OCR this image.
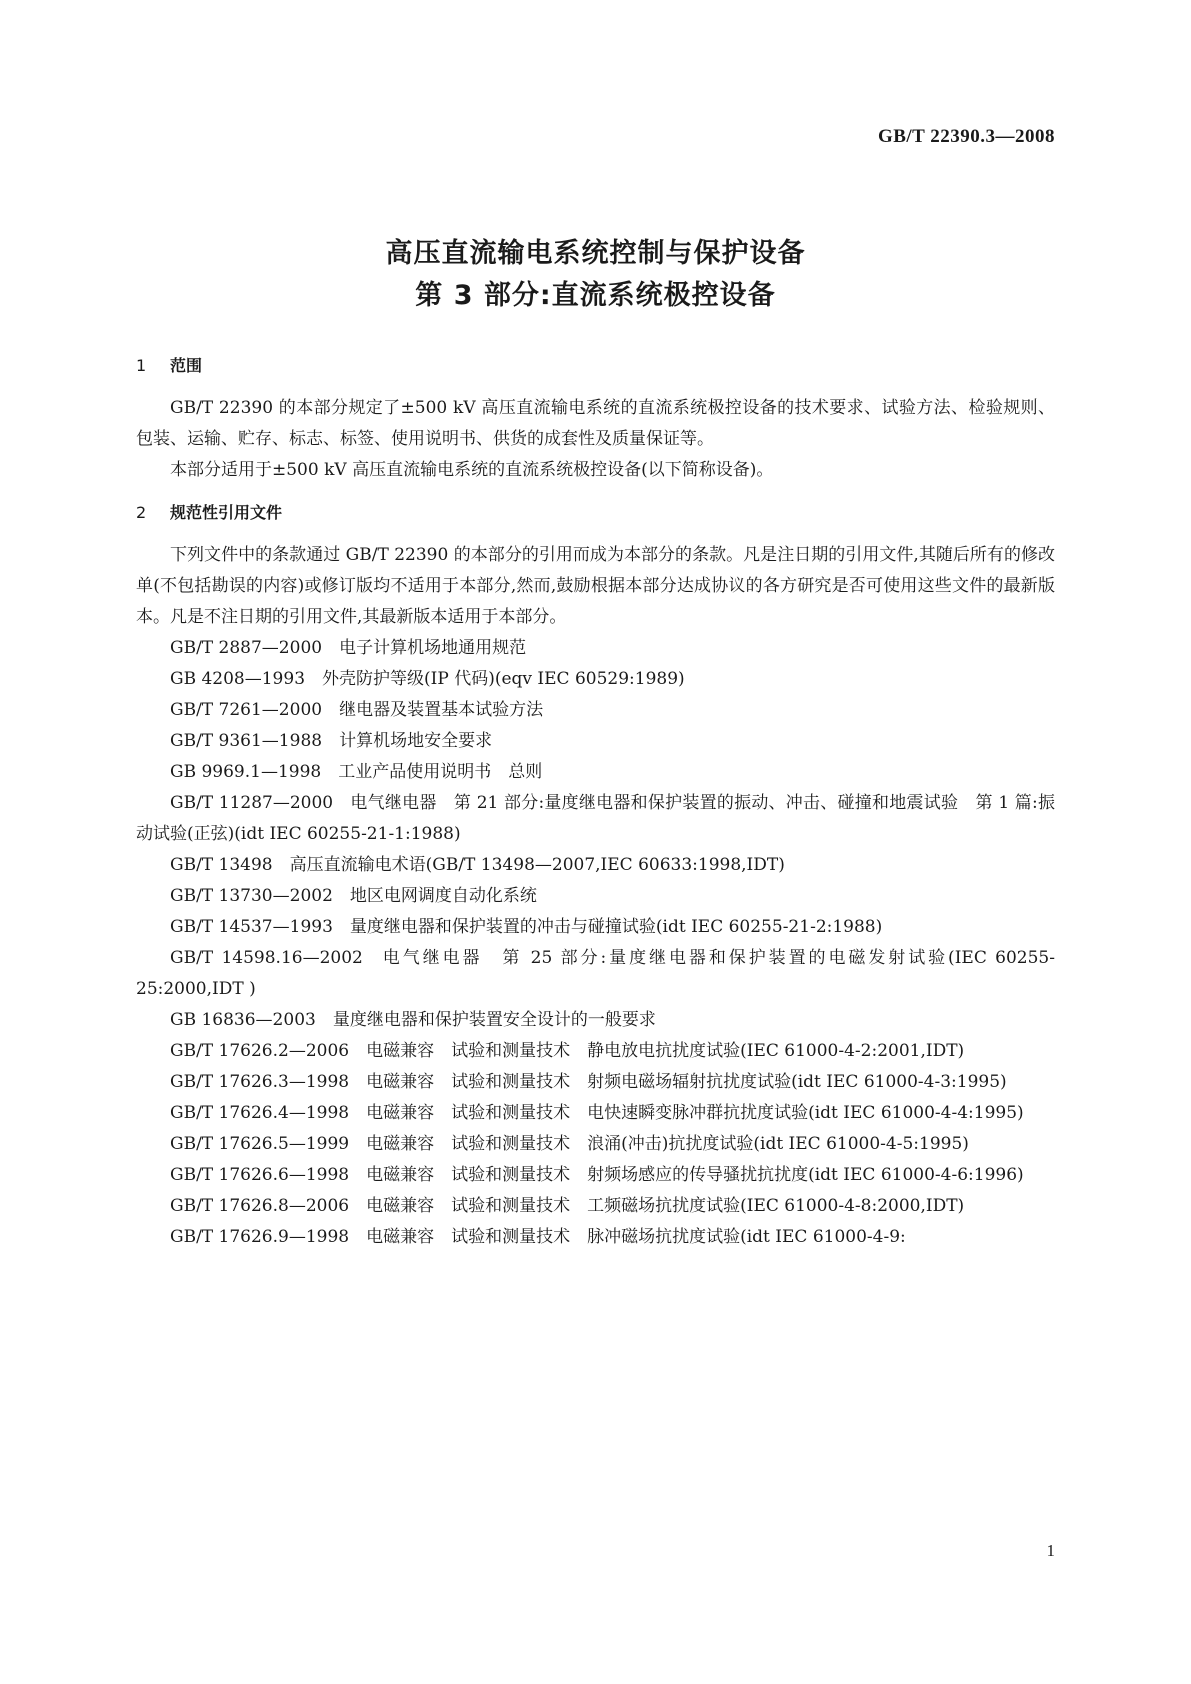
GB/T 22390.3—2008
高压直流输电系统控制与保护设备
第 3 部分:直流系统极控设备
1 范围

GB/T 22390 的本部分规定了±500 kV 高压直流输电系统的直流系统极控设备的技术要求、试验方法、检验规则、包装、运输、贮存、标志、标签、使用说明书、供货的成套性及质量保证等。

本部分适用于±500 kV 高压直流输电系统的直流系统极控设备(以下简称设备)。

2 规范性引用文件

下列文件中的条款通过 GB/T 22390 的本部分的引用而成为本部分的条款。凡是注日期的引用文件,其随后所有的修改单(不包括勘误的内容)或修订版均不适用于本部分,然而,鼓励根据本部分达成协议的各方研究是否可使用这些文件的最新版本。凡是不注日期的引用文件,其最新版本适用于本部分。

GB/T 2887—2000 电子计算机场地通用规范

GB 4208—1993 外壳防护等级(IP 代码)(eqv IEC 60529:1989)

GB/T 7261—2000 继电器及装置基本试验方法

GB/T 9361—1988 计算机场地安全要求

GB 9969.1—1998 工业产品使用说明书　总则

GB/T 11287—2000 电气继电器　第 21 部分:量度继电器和保护装置的振动、冲击、碰撞和地震试验　第 1 篇:振动试验(正弦)(idt IEC 60255-21-1:1988)

GB/T 13498 高压直流输电术语(GB/T 13498—2007,IEC 60633:1998,IDT)

GB/T 13730—2002 地区电网调度自动化系统

GB/T 14537—1993 量度继电器和保护装置的冲击与碰撞试验(idt IEC 60255-21-2:1988)

GB/T 14598.16—2002 电气继电器　第 25 部分:量度继电器和保护装置的电磁发射试验(IEC 60255-25:2000,IDT )

GB 16836—2003 量度继电器和保护装置安全设计的一般要求

GB/T 17626.2—2006 电磁兼容　试验和测量技术　静电放电抗扰度试验(IEC 61000-4-2:2001,IDT)

GB/T 17626.3—1998 电磁兼容　试验和测量技术　射频电磁场辐射抗扰度试验(idt IEC 61000-4-3:1995)

GB/T 17626.4—1998 电磁兼容　试验和测量技术　电快速瞬变脉冲群抗扰度试验(idt IEC 61000-4-4:1995)

GB/T 17626.5—1999 电磁兼容　试验和测量技术　浪涌(冲击)抗扰度试验(idt IEC 61000-4-5:1995)

GB/T 17626.6—1998 电磁兼容　试验和测量技术　射频场感应的传导骚扰抗扰度(idt IEC 61000-4-6:1996)

GB/T 17626.8—2006 电磁兼容　试验和测量技术　工频磁场抗扰度试验(IEC 61000-4-8:2000,IDT)

GB/T 17626.9—1998 电磁兼容　试验和测量技术　脉冲磁场抗扰度试验(idt IEC 61000-4-9:

1
